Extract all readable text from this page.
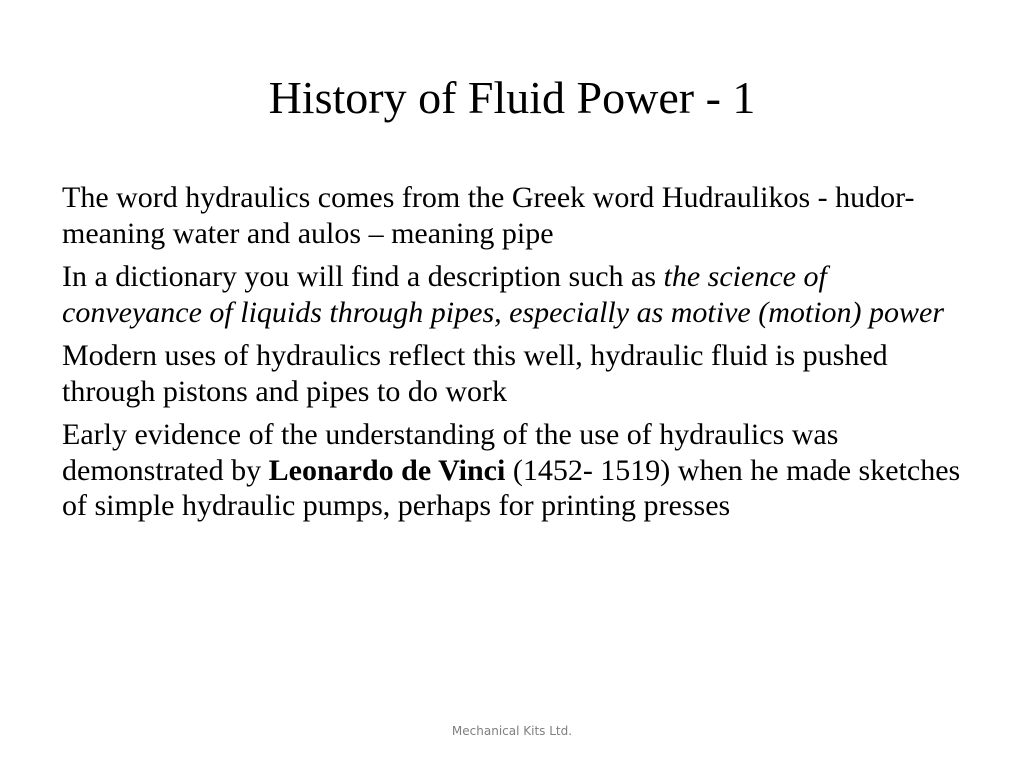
History of Fluid Power - 1

The word hydraulics comes from the Greek word Hudraulikos - hudor- meaning water and aulos – meaning pipe

In a dictionary you will find a description such as the science of conveyance of liquids through pipes, especially as motive (motion) power

Modern uses of hydraulics reflect this well, hydraulic fluid is pushed through pistons and pipes to do work

Early evidence of the understanding of the use of hydraulics was demonstrated by Leonardo de Vinci (1452- 1519) when he made sketches of simple hydraulic pumps, perhaps for printing presses

Mechanical Kits Ltd.
